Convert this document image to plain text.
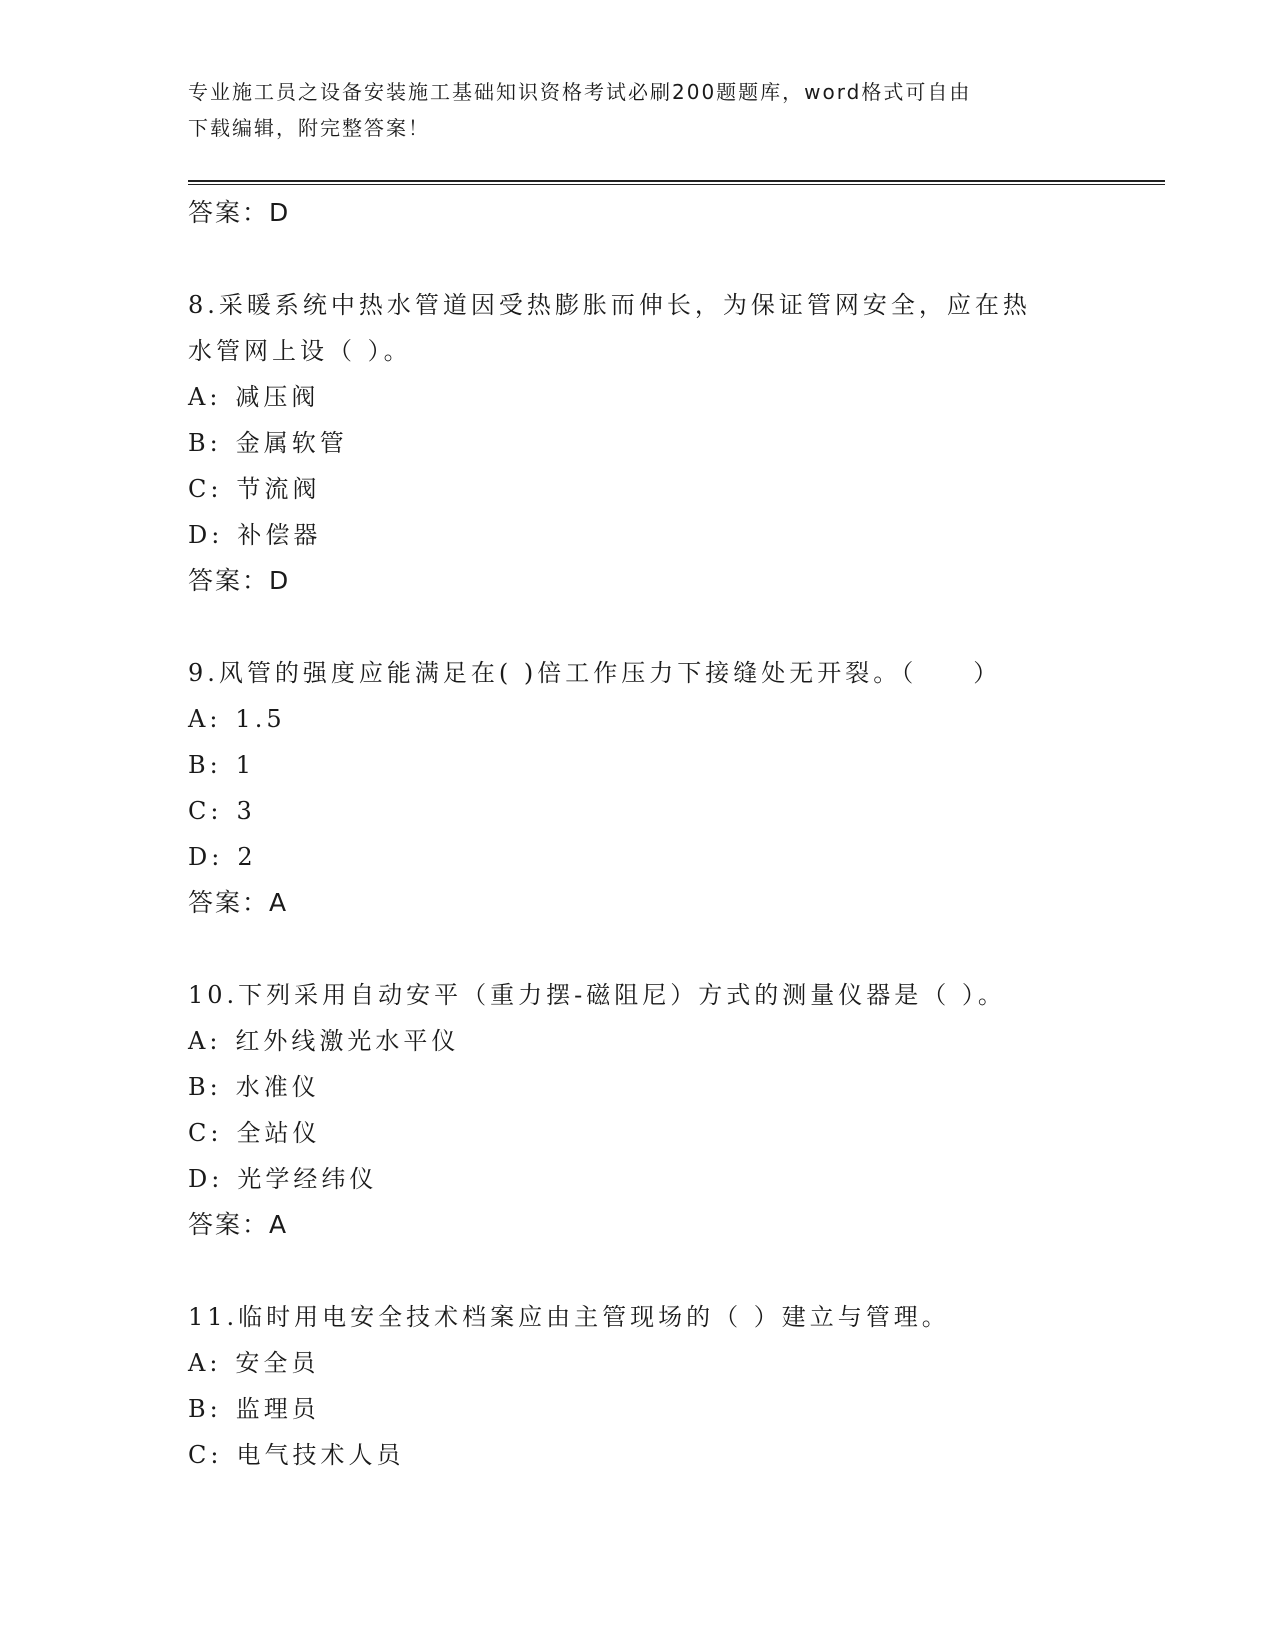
专业施工员之设备安装施工基础知识资格考试必刷200题题库，word格式可自由
下载编辑，附完整答案！
答案：D
8.采暖系统中热水管道因受热膨胀而伸长，为保证管网安全，应在热
水管网上设（ ）。
A: 减压阀
B: 金属软管
C: 节流阀
D: 补偿器
答案：D
9.风管的强度应能满足在( )倍工作压力下接缝处无开裂。（　　）
A: 1.5
B: 1
C: 3
D: 2
答案：A
10.下列采用自动安平（重力摆-磁阻尼）方式的测量仪器是（ ）。
A: 红外线激光水平仪
B: 水准仪
C: 全站仪
D: 光学经纬仪
答案：A
11.临时用电安全技术档案应由主管现场的（ ）建立与管理。
A: 安全员
B: 监理员
C: 电气技术人员
